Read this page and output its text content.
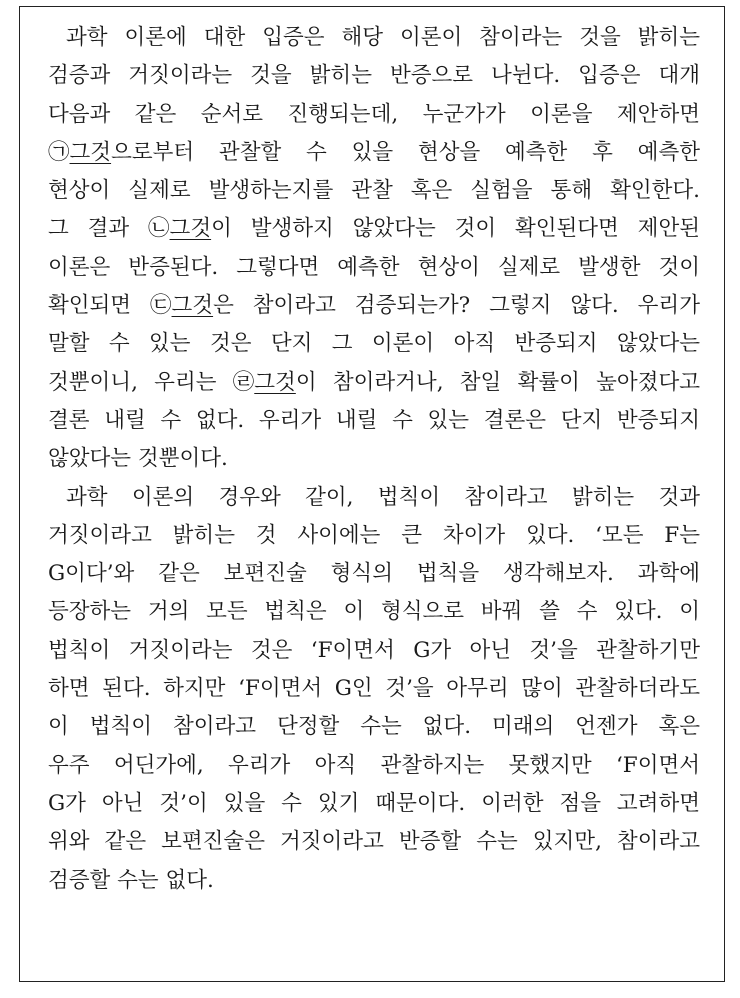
과학 이론에 대한 입증은 해당 이론이 참이라는 것을 밝히는
검증과 거짓이라는 것을 밝히는 반증으로 나뉜다. 입증은 대개
다음과 같은 순서로 진행되는데, 누군가가 이론을 제안하면
㉠그것으로부터 관찰할 수 있을 현상을 예측한 후 예측한
현상이 실제로 발생하는지를 관찰 혹은 실험을 통해 확인한다.
그 결과 ㉡그것이 발생하지 않았다는 것이 확인된다면 제안된
이론은 반증된다. 그렇다면 예측한 현상이 실제로 발생한 것이
확인되면 ㉢그것은 참이라고 검증되는가? 그렇지 않다. 우리가
말할 수 있는 것은 단지 그 이론이 아직 반증되지 않았다는
것뿐이니, 우리는 ㉣그것이 참이라거나, 참일 확률이 높아졌다고
결론 내릴 수 없다. 우리가 내릴 수 있는 결론은 단지 반증되지
않았다는 것뿐이다.

과학 이론의 경우와 같이, 법칙이 참이라고 밝히는 것과
거짓이라고 밝히는 것 사이에는 큰 차이가 있다. ‘모든 F는
G이다’와 같은 보편진술 형식의 법칙을 생각해보자. 과학에
등장하는 거의 모든 법칙은 이 형식으로 바꿔 쓸 수 있다. 이
법칙이 거짓이라는 것은 ‘F이면서 G가 아닌 것’을 관찰하기만
하면 된다. 하지만 ‘F이면서 G인 것’을 아무리 많이 관찰하더라도
이 법칙이 참이라고 단정할 수는 없다. 미래의 언젠가 혹은
우주 어딘가에, 우리가 아직 관찰하지는 못했지만 ‘F이면서
G가 아닌 것’이 있을 수 있기 때문이다. 이러한 점을 고려하면
위와 같은 보편진술은 거짓이라고 반증할 수는 있지만, 참이라고
검증할 수는 없다.
